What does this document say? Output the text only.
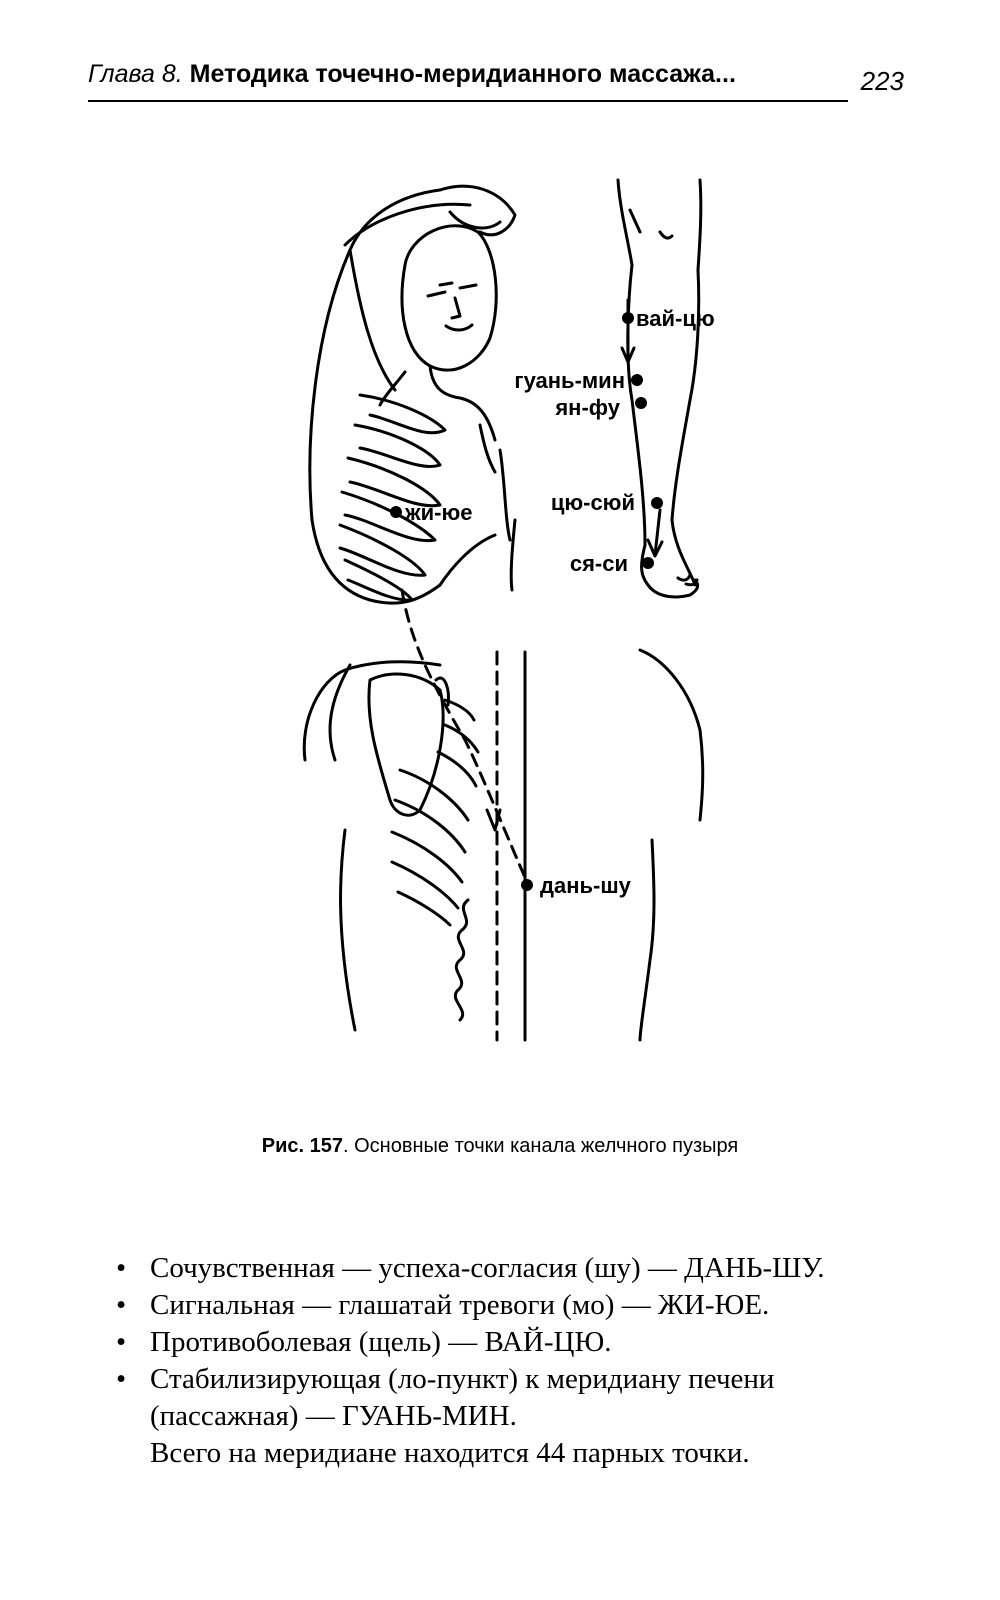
Глава 8. Методика точечно-меридианного массажа...	223
вай-цю
гуань-мин
ян-фу
цю-сюй
ся-си
жи-юе
дань-шу
Рис. 157. Основные точки канала желчного пузыря
• Сочувственная — успеха-согласия (шу) — ДАНЬ-ШУ.
• Сигнальная — глашатай тревоги (мо) — ЖИ-ЮЕ.
• Противоболевая (щель) — ВАЙ-ЦЮ.
• Стабилизирующая (ло-пункт) к меридиану печени (пассажная) — ГУАНЬ-МИН.
Всего на меридиане находится 44 парных точки.
